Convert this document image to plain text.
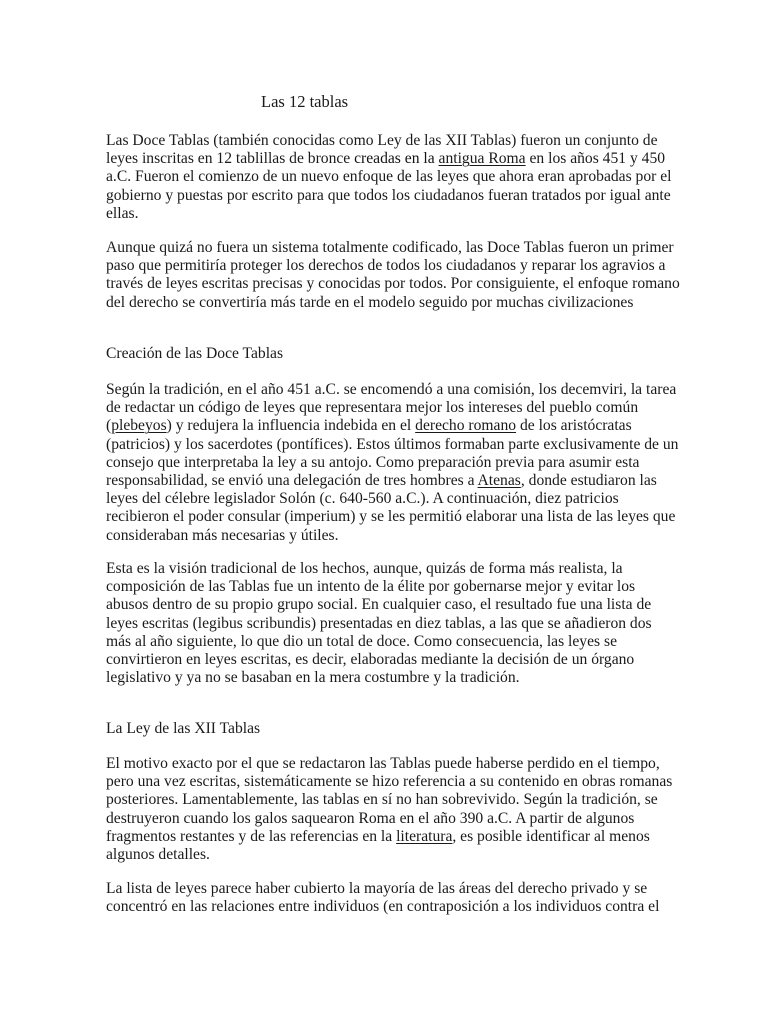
Las 12 tablas

Las Doce Tablas (también conocidas como Ley de las XII Tablas) fueron un conjunto de
leyes inscritas en 12 tablillas de bronce creadas en la antigua Roma en los años 451 y 450
a.C. Fueron el comienzo de un nuevo enfoque de las leyes que ahora eran aprobadas por el
gobierno y puestas por escrito para que todos los ciudadanos fueran tratados por igual ante
ellas.

Aunque quizá no fuera un sistema totalmente codificado, las Doce Tablas fueron un primer
paso que permitiría proteger los derechos de todos los ciudadanos y reparar los agravios a
través de leyes escritas precisas y conocidas por todos. Por consiguiente, el enfoque romano
del derecho se convertiría más tarde en el modelo seguido por muchas civilizaciones

Creación de las Doce Tablas

Según la tradición, en el año 451 a.C. se encomendó a una comisión, los decemviri, la tarea
de redactar un código de leyes que representara mejor los intereses del pueblo común
(plebeyos) y redujera la influencia indebida en el derecho romano de los aristócratas
(patricios) y los sacerdotes (pontífices). Estos últimos formaban parte exclusivamente de un
consejo que interpretaba la ley a su antojo. Como preparación previa para asumir esta
responsabilidad, se envió una delegación de tres hombres a Atenas, donde estudiaron las
leyes del célebre legislador Solón (c. 640-560 a.C.). A continuación, diez patricios
recibieron el poder consular (imperium) y se les permitió elaborar una lista de las leyes que
consideraban más necesarias y útiles.

Esta es la visión tradicional de los hechos, aunque, quizás de forma más realista, la
composición de las Tablas fue un intento de la élite por gobernarse mejor y evitar los
abusos dentro de su propio grupo social. En cualquier caso, el resultado fue una lista de
leyes escritas (legibus scribundis) presentadas en diez tablas, a las que se añadieron dos
más al año siguiente, lo que dio un total de doce. Como consecuencia, las leyes se
convirtieron en leyes escritas, es decir, elaboradas mediante la decisión de un órgano
legislativo y ya no se basaban en la mera costumbre y la tradición.

La Ley de las XII Tablas

El motivo exacto por el que se redactaron las Tablas puede haberse perdido en el tiempo,
pero una vez escritas, sistemáticamente se hizo referencia a su contenido en obras romanas
posteriores. Lamentablemente, las tablas en sí no han sobrevivido. Según la tradición, se
destruyeron cuando los galos saquearon Roma en el año 390 a.C. A partir de algunos
fragmentos restantes y de las referencias en la literatura, es posible identificar al menos
algunos detalles.

La lista de leyes parece haber cubierto la mayoría de las áreas del derecho privado y se
concentró en las relaciones entre individuos (en contraposición a los individuos contra el
